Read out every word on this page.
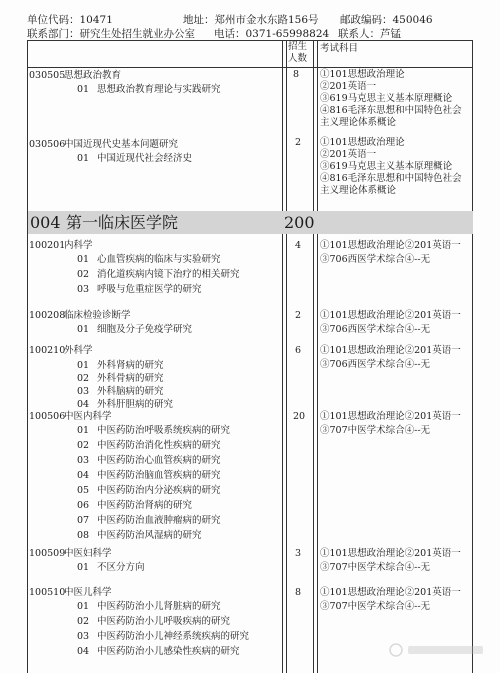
单位代码：10471	地址：郑州市金水东路156号 邮政编码：450046
联系部门：研究生处招生就业办公室 电话：0371-65998824 联系人：芦锰
招生
人数
考试科目
030505
思想政治教育
01 思想政治教育理论与实践研究
8 ①101思想政治理论
②201英语一
③619马克思主义基本原理概论
④816毛泽东思想和中国特色社会
主义理论体系概论
030506
中国近现代史基本问题研究
01 中国近现代社会经济史
2 ①101思想政治理论
②201英语一
③619马克思主义基本原理概论
④816毛泽东思想和中国特色社会
主义理论体系概论
004 第一临床医学院	200
100201
内科学
01 心血管疾病的临床与实验研究
02 消化道疾病内镜下治疗的相关研究
03 呼吸与危重症医学的研究
4 ①101思想政治理论②201英语一
③706西医学术综合④--无
100208
临床检验诊断学
01 细胞及分子免疫学研究
2 ①101思想政治理论②201英语一
③706西医学术综合④--无
100210
外科学
01 外科肾病的研究
02 外科骨病的研究
03 外科脑病的研究
04 外科肝胆病的研究
6 ①101思想政治理论②201英语一
③706西医学术综合④--无
100506
中医内科学
01 中医药防治呼吸系统疾病的研究
02 中医药防治消化性疾病的研究
03 中医药防治心血管疾病的研究
04 中医药防治脑血管疾病的研究
05 中医药防治内分泌疾病的研究
06 中医药防治肾病的研究
07 中医药防治血液肿瘤病的研究
08 中医药防治风湿病的研究
20 ①101思想政治理论②201英语一
③707中医学术综合④--无
100509
中医妇科学
01 不区分方向
3 ①101思想政治理论②201英语一
③707中医学术综合④--无
100510
中医儿科学
01 中医药防治小儿肾脏病的研究
02 中医药防治小儿呼吸疾病的研究
03 中医药防治小儿神经系统疾病的研究
04 中医药防治小儿感染性疾病的研究
8 ①101思想政治理论②201英语一
③707中医学术综合④--无
